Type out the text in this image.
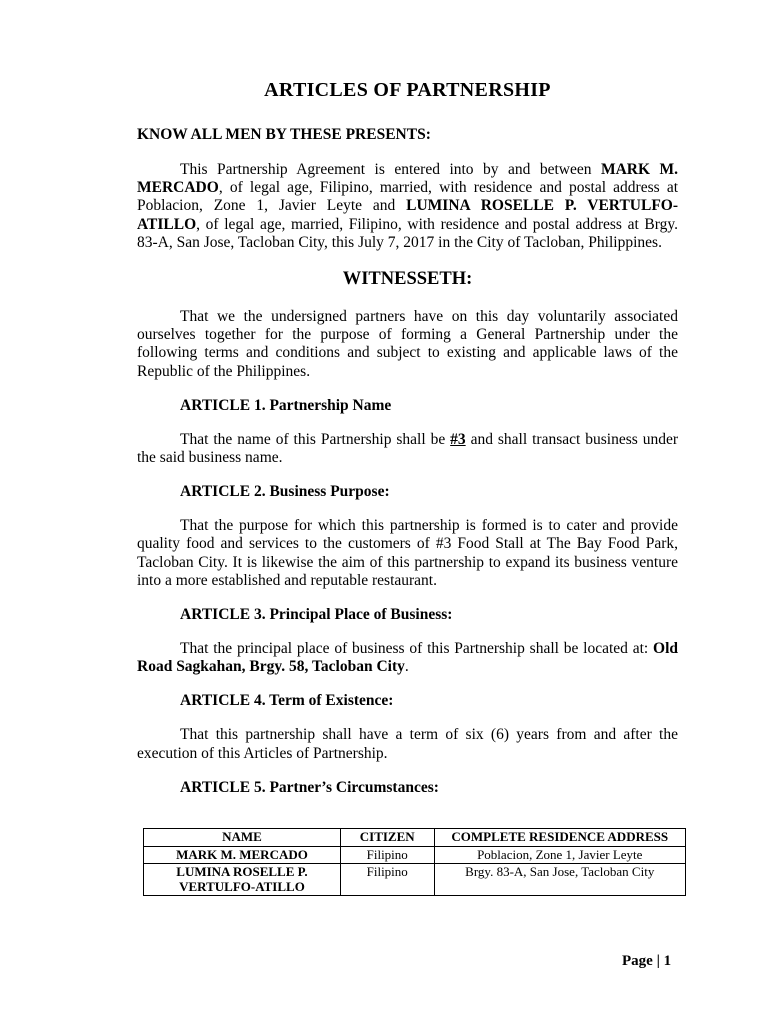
ARTICLES OF PARTNERSHIP
KNOW ALL MEN BY THESE PRESENTS:

This Partnership Agreement is entered into by and between MARK M. MERCADO, of legal age, Filipino, married, with residence and postal address at Poblacion, Zone 1, Javier Leyte and LUMINA ROSELLE P. VERTULFO-ATILLO, of legal age, married, Filipino, with residence and postal address at Brgy. 83-A, San Jose, Tacloban City, this July 7, 2017 in the City of Tacloban, Philippines.

WITNESSETH:

That we the undersigned partners have on this day voluntarily associated ourselves together for the purpose of forming a General Partnership under the following terms and conditions and subject to existing and applicable laws of the Republic of the Philippines.

ARTICLE 1. Partnership Name

That the name of this Partnership shall be #3 and shall transact business under the said business name.

ARTICLE 2. Business Purpose:

That the purpose for which this partnership is formed is to cater and provide quality food and services to the customers of #3 Food Stall at The Bay Food Park, Tacloban City. It is likewise the aim of this partnership to expand its business venture into a more established and reputable restaurant.

ARTICLE 3. Principal Place of Business:

That the principal place of business of this Partnership shall be located at: Old Road Sagkahan, Brgy. 58, Tacloban City.

ARTICLE 4. Term of Existence:

That this partnership shall have a term of six (6) years from and after the execution of this Articles of Partnership.

ARTICLE 5. Partner’s Circumstances:
NAME	CITIZEN	COMPLETE RESIDENCE ADDRESS
MARK M. MERCADO	Filipino	Poblacion, Zone 1, Javier Leyte
LUMINA ROSELLE P. VERTULFO-ATILLO	Filipino	Brgy. 83-A, San Jose, Tacloban City
Page | 1
